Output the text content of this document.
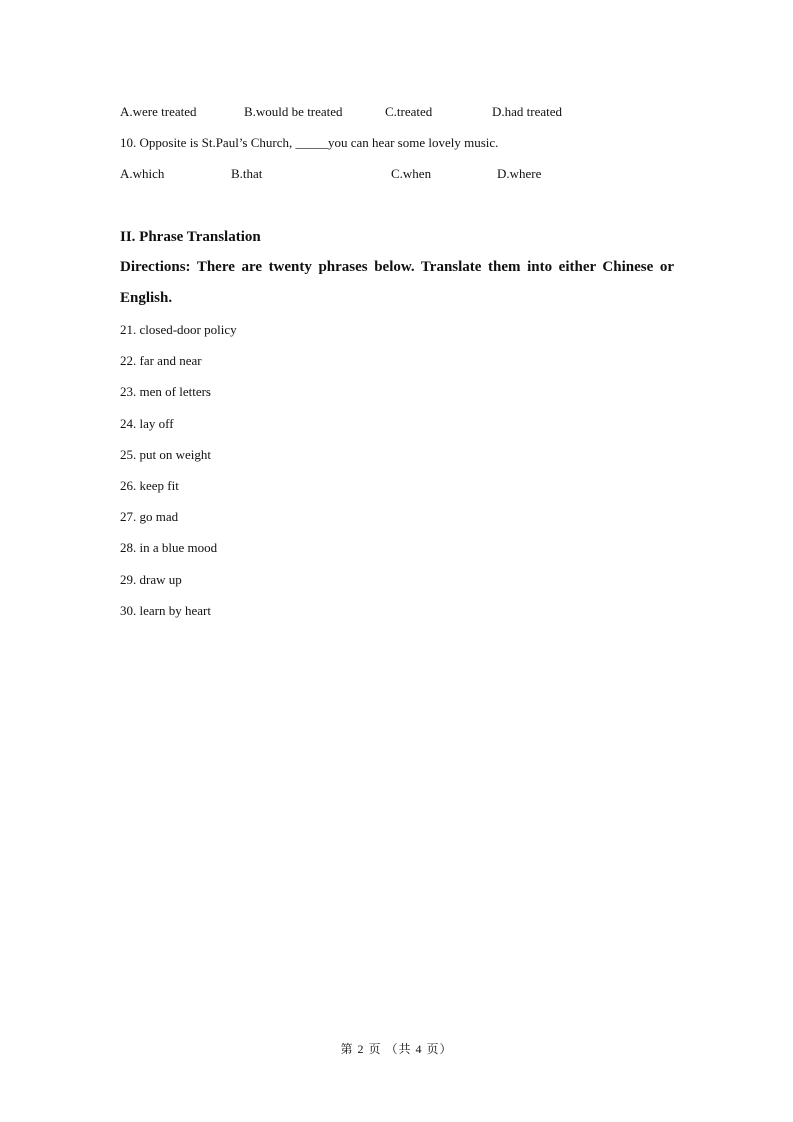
A.were treated	B.would be treated	C.treated	D.had treated
10. Opposite is St.Paul’s Church, _____you can hear some lovely music.
A.which	B.that	C.when	D.where
II. Phrase Translation
Directions: There are twenty phrases below. Translate them into either Chinese or English.
21. closed-door policy
22. far and near
23. men of letters
24. lay off
25. put on weight
26. keep fit
27. go mad
28. in a blue mood
29. draw up
30. learn by heart
第 2 页 （共 4 页）
